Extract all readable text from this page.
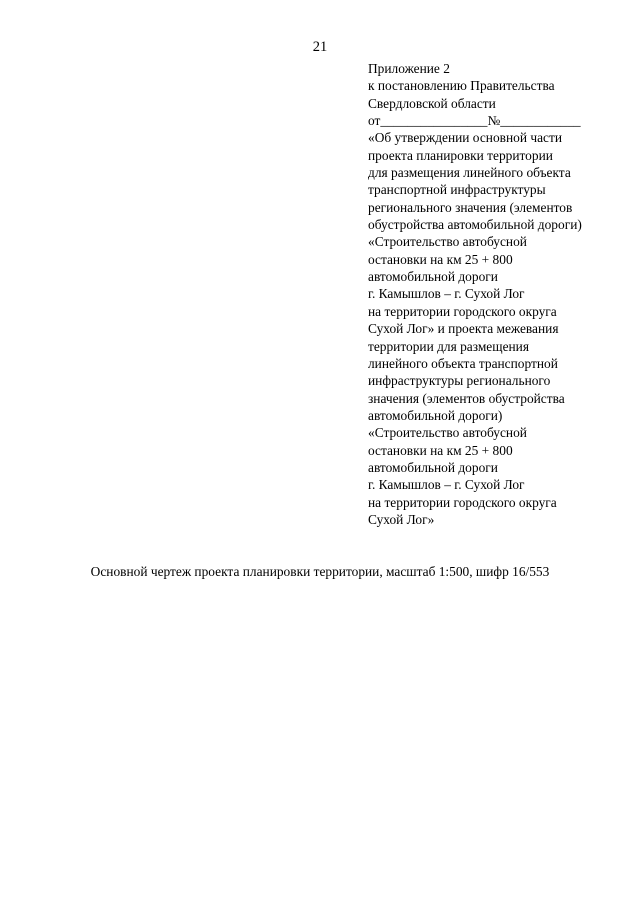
21
Приложение 2
к постановлению Правительства
Свердловской области
от________________№____________
«Об утверждении основной части
проекта планировки территории
для размещения линейного объекта
транспортной инфраструктуры
регионального значения (элементов
обустройства автомобильной дороги)
«Строительство автобусной
остановки на км 25 + 800
автомобильной дороги
г. Камышлов – г. Сухой Лог
на территории городского округа
Сухой Лог» и проекта межевания
территории для размещения
линейного объекта транспортной
инфраструктуры регионального
значения (элементов обустройства
автомобильной дороги)
«Строительство автобусной
остановки на км 25 + 800
автомобильной дороги
г. Камышлов – г. Сухой Лог
на территории городского округа
Сухой Лог»
Основной чертеж проекта планировки территории, масштаб 1:500, шифр 16/553
